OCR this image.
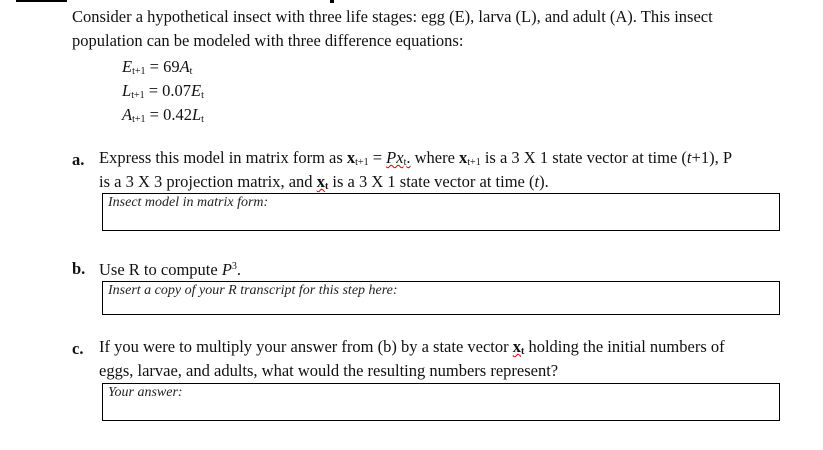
Consider a hypothetical insect with three life stages: egg (E), larva (L), and adult (A). This insect
population can be modeled with three difference equations:
$E_{t+1} = 69A_t$
$L_{t+1} = 0.07E_t$
$A_{t+1} = 0.42L_t$
a. Express this model in matrix form as $x_{t+1} = Px_t$. where $x_{t+1}$ is a 3 X 1 state vector at time (t+1), P
is a 3 X 3 projection matrix, and $x_t$ is a 3 X 1 state vector at time (t).
Insect model in matrix form:
b. Use R to compute $P^3$.
Insert a copy of your R transcript for this step here:
c. If you were to multiply your answer from (b) by a state vector $x_t$ holding the initial numbers of
eggs, larvae, and adults, what would the resulting numbers represent?
Your answer:
